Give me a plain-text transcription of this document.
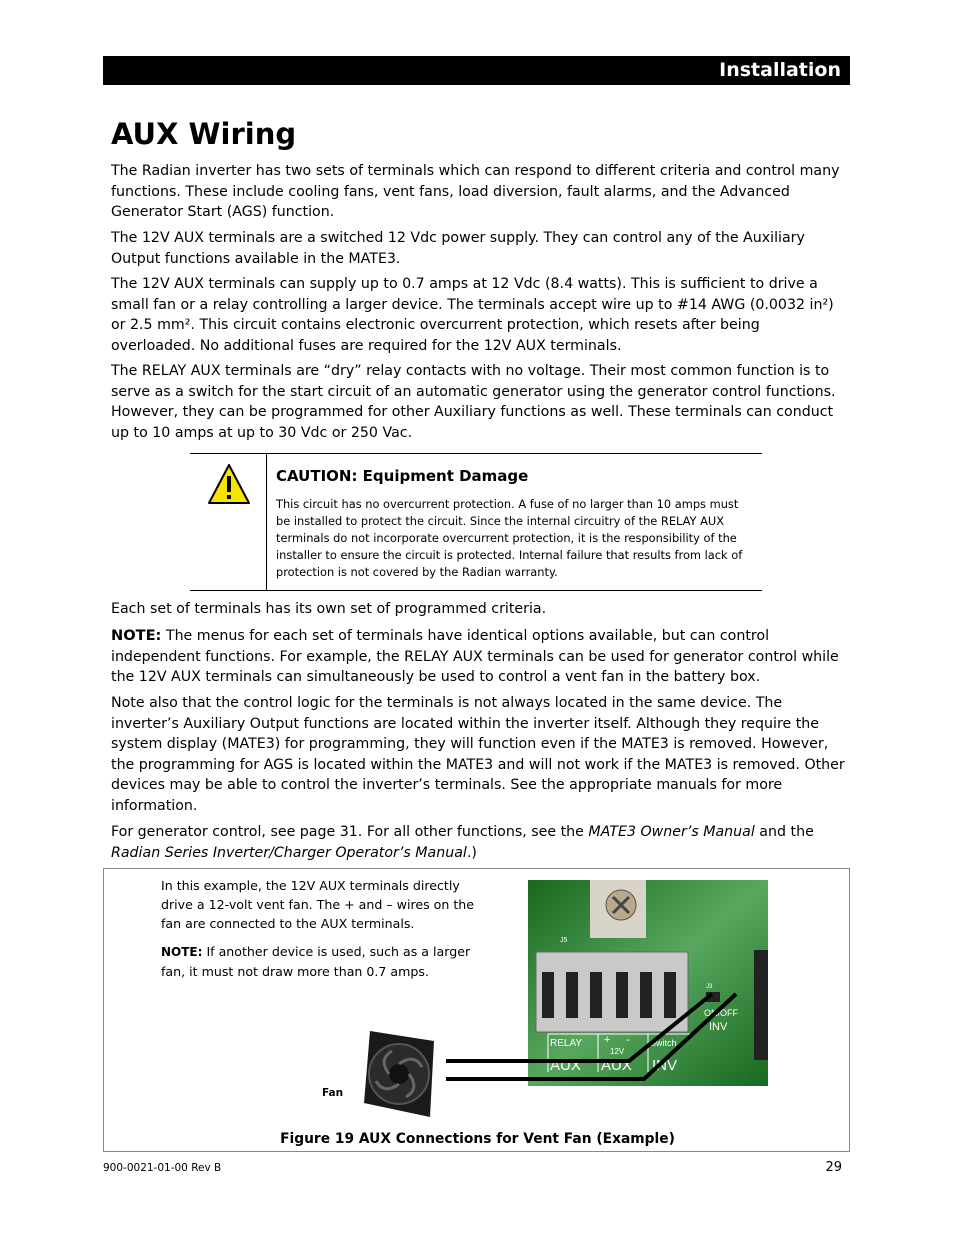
Installation
AUX Wiring

The Radian inverter has two sets of terminals which can respond to different criteria and control many functions. These include cooling fans, vent fans, load diversion, fault alarms, and the Advanced Generator Start (AGS) function.

The 12V AUX terminals are a switched 12 Vdc power supply. They can control any of the Auxiliary Output functions available in the MATE3.

The 12V AUX terminals can supply up to 0.7 amps at 12 Vdc (8.4 watts). This is sufficient to drive a small fan or a relay controlling a larger device. The terminals accept wire up to #14 AWG (0.0032 in²) or 2.5 mm². This circuit contains electronic overcurrent protection, which resets after being overloaded. No additional fuses are required for the 12V AUX terminals.

The RELAY AUX terminals are “dry” relay contacts with no voltage. Their most common function is to serve as a switch for the start circuit of an automatic generator using the generator control functions. However, they can be programmed for other Auxiliary functions as well. These terminals can conduct up to 10 amps at up to 30 Vdc or 250 Vac.

CAUTION: Equipment Damage

This circuit has no overcurrent protection. A fuse of no larger than 10 amps must be installed to protect the circuit. Since the internal circuitry of the RELAY AUX terminals do not incorporate overcurrent protection, it is the responsibility of the installer to ensure the circuit is protected. Internal failure that results from lack of protection is not covered by the Radian warranty.

Each set of terminals has its own set of programmed criteria.

NOTE: The menus for each set of terminals have identical options available, but can control independent functions. For example, the RELAY AUX terminals can be used for generator control while the 12V AUX terminals can simultaneously be used to control a vent fan in the battery box.

Note also that the control logic for the terminals is not always located in the same device. The inverter’s Auxiliary Output functions are located within the inverter itself. Although they require the system display (MATE3) for programming, they will function even if the MATE3 is removed. However, the programming for AGS is located within the MATE3 and will not work if the MATE3 is removed. Other devices may be able to control the inverter’s terminals. See the appropriate manuals for more information.

For generator control, see page 31. For all other functions, see the MATE3 Owner’s Manual and the Radian Series Inverter/Charger Operator’s Manual.)

In this example, the 12V AUX terminals directly drive a 12-volt vent fan. The + and – wires on the fan are connected to the AUX terminals.

NOTE: If another device is used, such as a larger fan, it must not draw more than 0.7 amps.

J5
J3
ON/OFF
INV
RELAY
AUX
+ -
12V
AUX
Switch
INV
Fan
Figure 19 AUX Connections for Vent Fan (Example)
900-0021-01-00 Rev B	29
